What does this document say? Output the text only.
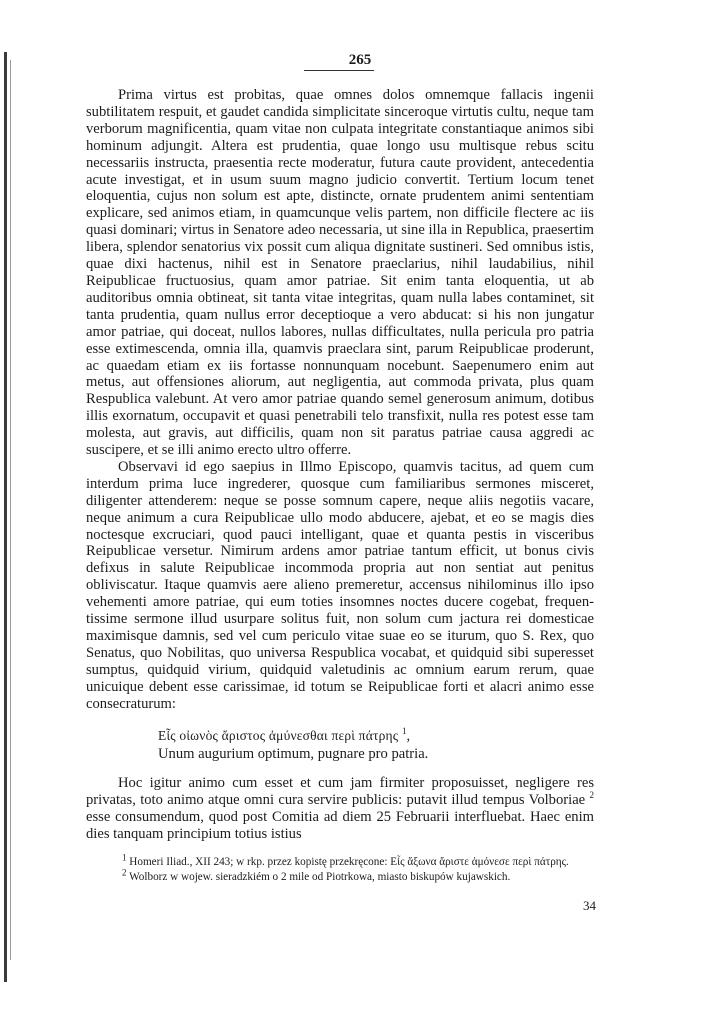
265

Prima virtus est probitas, quae omnes dolos omnemque fallacis ingenii subtilitatem respuit, et gaudet candida simplicitate sinceroque virtutis cultu, neque tam verborum magnificentia, quam vitae non culpata integritate constantiaque animos sibi hominum adjungit. Altera est prudentia, quae longo usu multisque rebus scitu necessariis instructa, praesentia recte moderatur, futura caute provident, antecedentia acute investigat, et in usum suum magno judicio convertit. Tertium locum tenet eloquentia, cujus non solum est apte, distincte, ornate prudentem animi sententiam explicare, sed animos etiam, in quamcunque velis partem, non difficile flectere ac iis quasi dominari; virtus in Senatore adeo necessaria, ut sine illa in Republica, praesertim libera, splendor senatorius vix possit cum aliqua dignitate sustineri. Sed omnibus istis, quae dixi hactenus, nihil est in Senatore praeclarius, nihil laudabilius, nihil Reipublicae fructuosius, quam amor patriae. Sit enim tanta eloquentia, ut ab auditoribus omnia obtineat, sit tanta vitae integritas, quam nulla labes contaminet, sit tanta prudentia, quam nullus error deceptioque a vero abducat: si his non jungatur amor patriae, qui doceat, nullos labores, nullas difficultates, nulla pericula pro patria esse extimescenda, omnia illa, quamvis praeclara sint, parum Reipublicae proderunt, ac quaedam etiam ex iis fortasse nonnunquam nocebunt. Saepenumero enim aut metus, aut offensiones aliorum, aut negligentia, aut commoda privata, plus quam Respublica valebunt. At vero amor patriae quando semel generosum animum, dotibus illis exornatum, occupavit et quasi penetrabili telo transfixit, nulla res potest esse tam molesta, aut gravis, aut difficilis, quam non sit paratus patriae causa aggredi ac suscipere, et se illi animo erecto ultro offerre.

Observavi id ego saepius in Illmo Episcopo, quamvis tacitus, ad quem cum interdum prima luce ingrederer, quosque cum familiaribus sermones misceret, diligenter attenderem: neque se posse somnum capere, neque aliis negotiis vacare, neque animum a cura Reipublicae ullo modo abducere, ajebat, et eo se magis dies noctesque excruciari, quod pauci intelligant, quae et quanta pestis in visceribus Reipublicae versetur. Nimirum ardens amor patriae tantum efficit, ut bonus civis defixus in salute Reipublicae incommoda propria aut non sentiat aut penitus obliviscatur. Itaque quamvis aere alieno premeretur, accensus nihilominus illo ipso vehementi amore patriae, qui eum toties insomnes noctes ducere cogebat, frequentissime sermone illud usurpare solitus fuit, non solum cum jactura rei domesticae maximisque damnis, sed vel cum periculo vitae suae eo se iturum, quo S. Rex, quo Senatus, quo Nobilitas, quo universa Respublica vocabat, et quidquid sibi superesset sumptus, quidquid virium, quidquid valetudinis ac omnium earum rerum, quae unicuique debent esse carissimae, id totum se Reipublicae forti et alacri animo esse consecraturum:

Εἷς οἰωνὸς ἄριστος ἀμύνεσθαι περὶ πάτρης $^1$,
Unum augurium optimum, pugnare pro patria.

Hoc igitur animo cum esset et cum jam firmiter proposuisset, negligere res privatas, toto animo atque omni cura servire publicis: putavit illud tempus Volboriae $^2$ esse consumendum, quod post Comitia ad diem 25 Februarii interfluebat. Haec enim dies tanquam principium totius istius

$^1$ Homeri Iliad., XII 243; w rkp. przez kopistę przekręcone: Εἷς ἄξωνα ἄριστε ἀμόνεσε περὶ πάτρης.

$^2$ Wolborz w wojew. sieradzkiém o 2 mile od Piotrkowa, miasto biskupów kujawskich.

34
